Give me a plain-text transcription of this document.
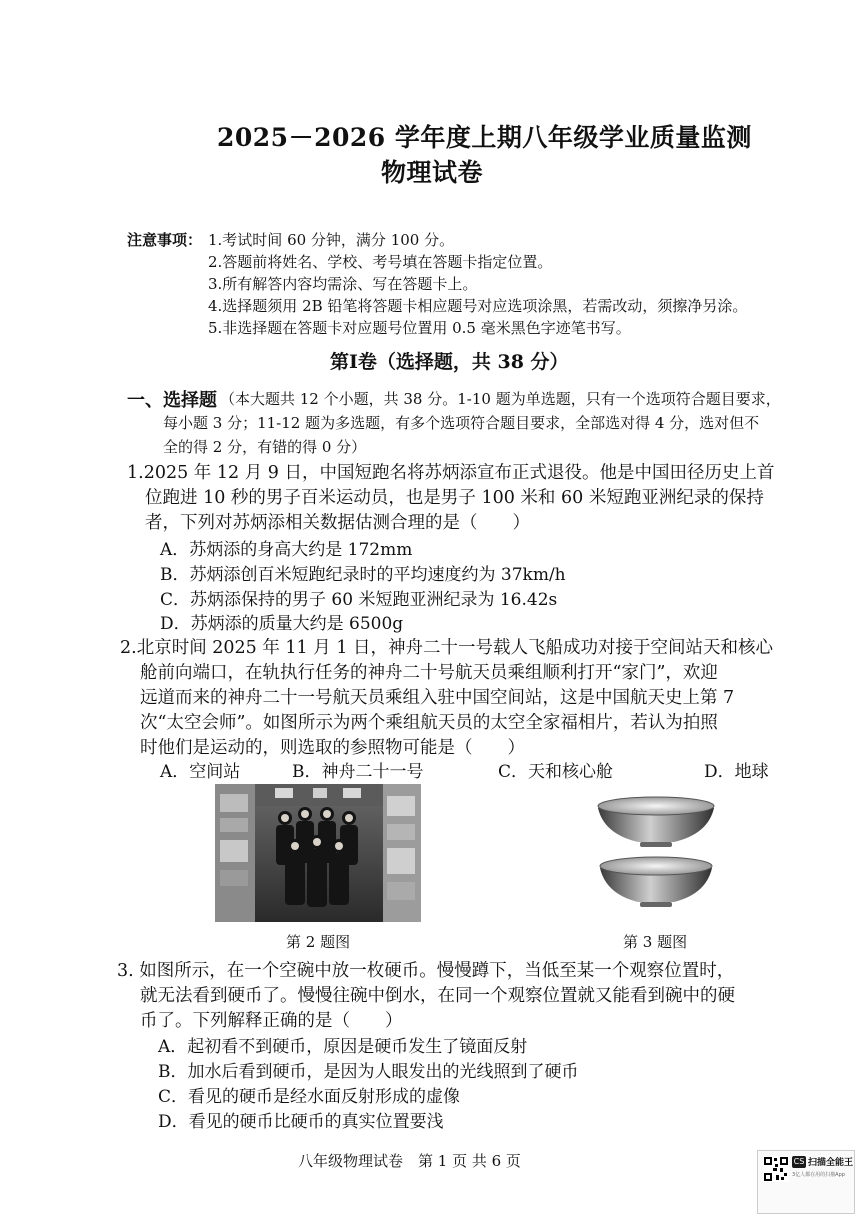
2025－2026 学年度上期八年级学业质量监测
物理试卷
注意事项： 1.考试时间 60 分钟，满分 100 分。
2.答题前将姓名、学校、考号填在答题卡指定位置。
3.所有解答内容均需涂、写在答题卡上。
4.选择题须用 2B 铅笔将答题卡相应题号对应选项涂黑，若需改动，须擦净另涂。
5.非选择题在答题卡对应题号位置用 0.5 毫米黑色字迹笔书写。
第Ⅰ卷（选择题，共 38 分）
一、选择题 （本大题共 12 个小题，共 38 分。1-10 题为单选题，只有一个选项符合题目要求，
每小题 3 分；11-12 题为多选题，有多个选项符合题目要求，全部选对得 4 分，选对但不
全的得 2 分，有错的得 0 分）
1.2025 年 12 月 9 日，中国短跑名将苏炳添宣布正式退役。他是中国田径历史上首
位跑进 10 秒的男子百米运动员，也是男子 100 米和 60 米短跑亚洲纪录的保持
者，下列对苏炳添相关数据估测合理的是（　　）
A．苏炳添的身高大约是 172mm
B．苏炳添创百米短跑纪录时的平均速度约为 37km/h
C．苏炳添保持的男子 60 米短跑亚洲纪录为 16.42s
D．苏炳添的质量大约是 6500g
2.北京时间 2025 年 11 月 1 日，神舟二十一号载人飞船成功对接于空间站天和核心
舱前向端口，在轨执行任务的神舟二十号航天员乘组顺利打开“家门”，欢迎
远道而来的神舟二十一号航天员乘组入驻中国空间站，这是中国航天史上第 7
次“太空会师”。如图所示为两个乘组航天员的太空全家福相片，若认为拍照
时他们是运动的，则选取的参照物可能是（　　）
A．空间站	B．神舟二十一号	C．天和核心舱	D．地球
第 2 题图	第 3 题图
3. 如图所示，在一个空碗中放一枚硬币。慢慢蹲下，当低至某一个观察位置时，
就无法看到硬币了。慢慢往碗中倒水，在同一个观察位置就又能看到碗中的硬
币了。下列解释正确的是（　　）
A．起初看不到硬币，原因是硬币发生了镜面反射
B．加水后看到硬币，是因为人眼发出的光线照到了硬币
C．看见的硬币是经水面反射形成的虚像
D．看见的硬币比硬币的真实位置要浅
八年级物理试卷　第 1 页 共 6 页	CS 扫描全能王
3亿人都在用的扫描App
